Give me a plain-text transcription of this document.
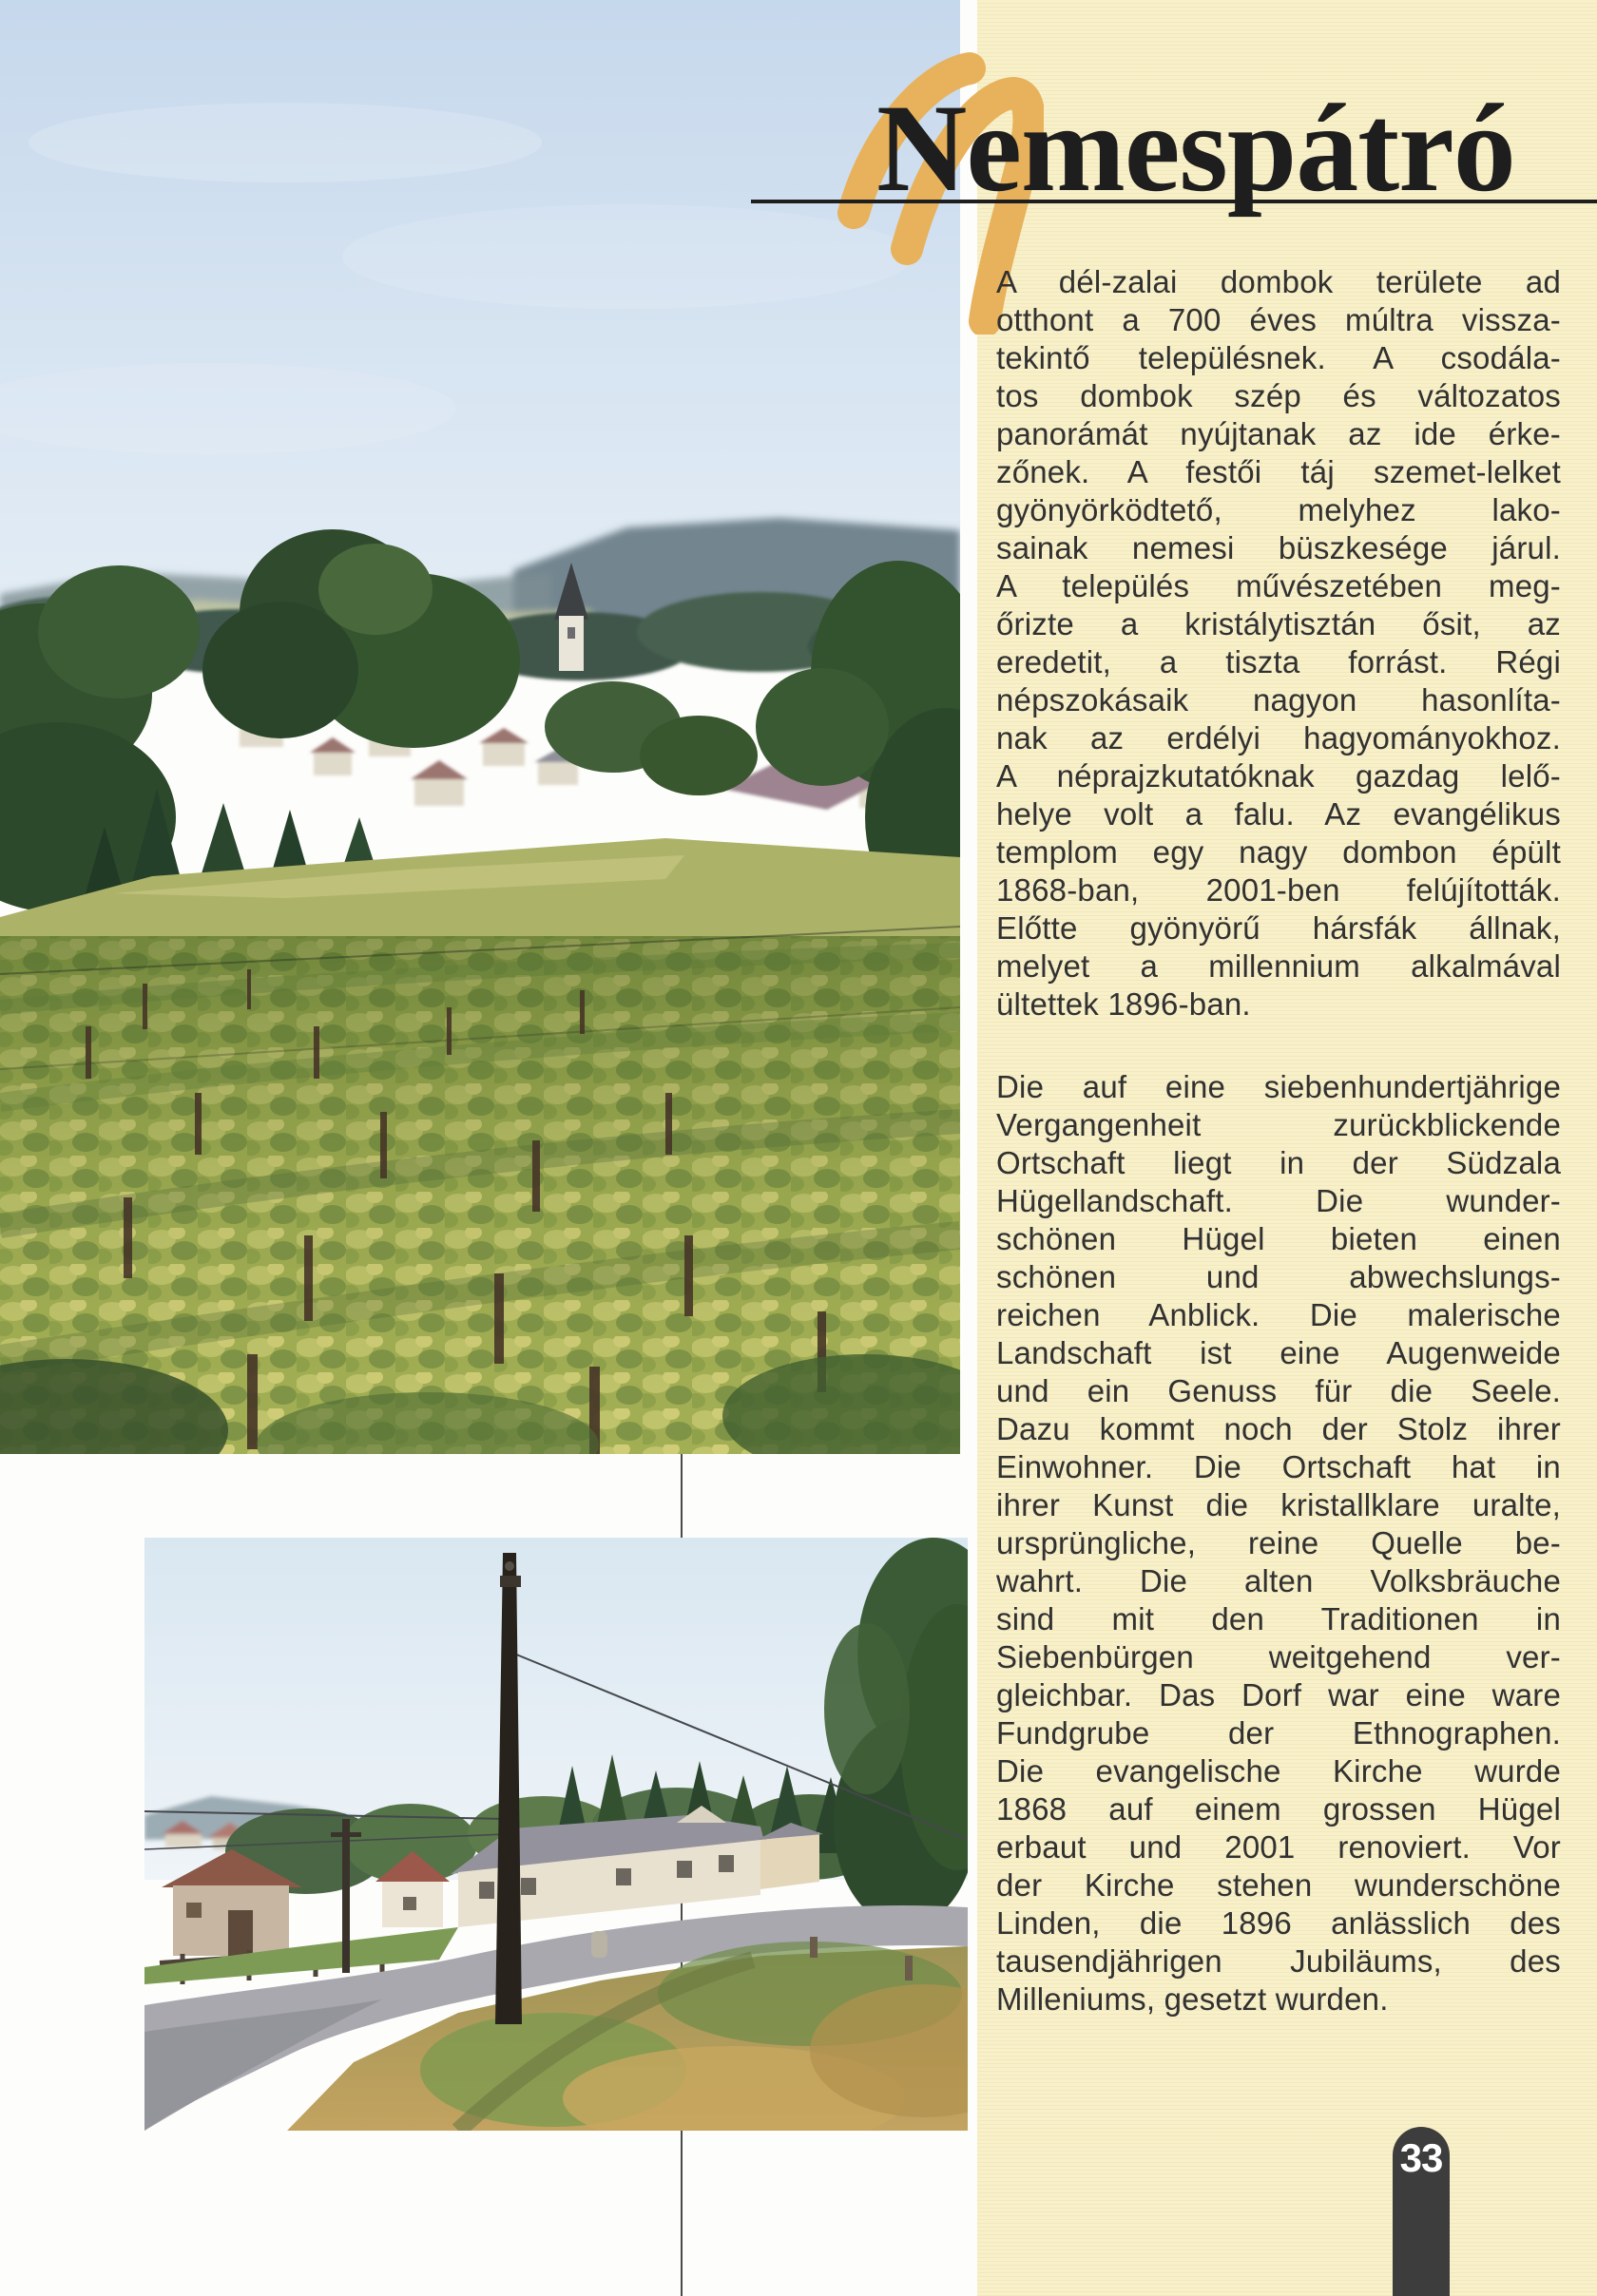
Nemespátró
A dél-zalai dombok területe ad
otthont a 700 éves múltra vissza-
tekintő településnek. A csodála-
tos dombok szép és változatos
panorámát nyújtanak az ide érke-
zőnek. A festői táj szemet-lelket
gyönyörködtető, melyhez lako-
sainak nemesi büszkesége járul.
A település művészetében meg-
őrizte a kristálytisztán ősit, az
eredetit, a tiszta forrást. Régi
népszokásaik nagyon hasonlíta-
nak az erdélyi hagyományokhoz.
A néprajzkutatóknak gazdag lelő-
helye volt a falu. Az evangélikus
templom egy nagy dombon épült
1868-ban, 2001-ben felújították.
Előtte gyönyörű hársfák állnak,
melyet a millennium alkalmával
ültettek 1896-ban.
Die auf eine siebenhundertjährige
Vergangenheit zurückblickende
Ortschaft liegt in der Südzala
Hügellandschaft. Die wunder-
schönen Hügel bieten einen
schönen und abwechslungs-
reichen Anblick. Die malerische
Landschaft ist eine Augenweide
und ein Genuss für die Seele.
Dazu kommt noch der Stolz ihrer
Einwohner. Die Ortschaft hat in
ihrer Kunst die kristallklare uralte,
ursprüngliche, reine Quelle be-
wahrt. Die alten Volksbräuche
sind mit den Traditionen in
Siebenbürgen weitgehend ver-
gleichbar. Das Dorf war eine ware
Fundgrube der Ethnographen.
Die evangelische Kirche wurde
1868 auf einem grossen Hügel
erbaut und 2001 renoviert. Vor
der Kirche stehen wunderschöne
Linden, die 1896 anlässlich des
tausendjährigen Jubiläums, des
Milleniums, gesetzt wurden.
33
